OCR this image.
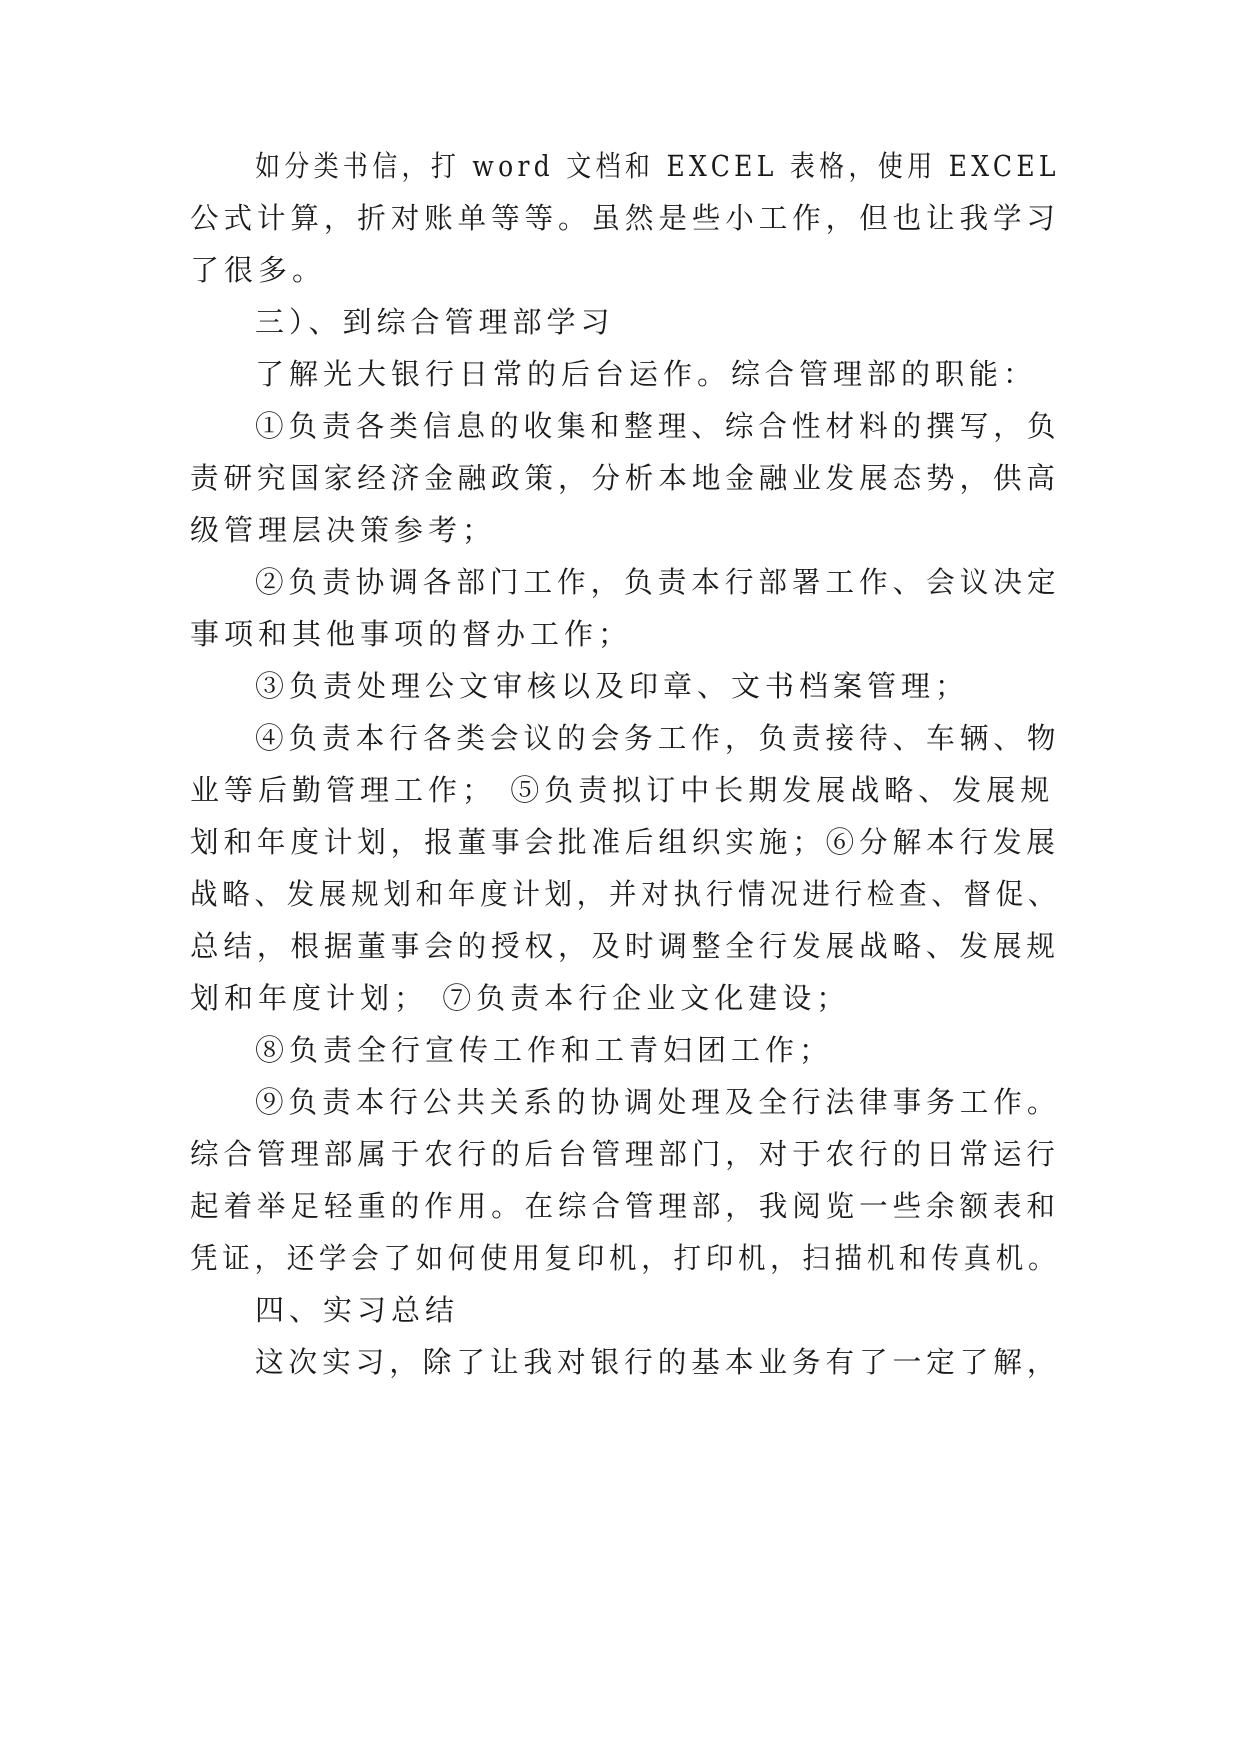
如分类书信，打 word 文档和 EXCEL 表格，使用 EXCEL
公式计算，折对账单等等。虽然是些小工作，但也让我学习
了很多。
三）、到综合管理部学习
了解光大银行日常的后台运作。综合管理部的职能：
①负责各类信息的收集和整理、综合性材料的撰写，负
责研究国家经济金融政策，分析本地金融业发展态势，供高
级管理层决策参考；
②负责协调各部门工作，负责本行部署工作、会议决定
事项和其他事项的督办工作；
③负责处理公文审核以及印章、文书档案管理；
④负责本行各类会议的会务工作，负责接待、车辆、物
业等后勤管理工作； ⑤负责拟订中长期发展战略、发展规
划和年度计划，报董事会批准后组织实施；⑥分解本行发展
战略、发展规划和年度计划，并对执行情况进行检查、督促、
总结，根据董事会的授权，及时调整全行发展战略、发展规
划和年度计划； ⑦负责本行企业文化建设；
⑧负责全行宣传工作和工青妇团工作；
⑨负责本行公共关系的协调处理及全行法律事务工作。
综合管理部属于农行的后台管理部门，对于农行的日常运行
起着举足轻重的作用。在综合管理部，我阅览一些余额表和
凭证，还学会了如何使用复印机，打印机，扫描机和传真机。
四、实习总结
这次实习，除了让我对银行的基本业务有了一定了解，
